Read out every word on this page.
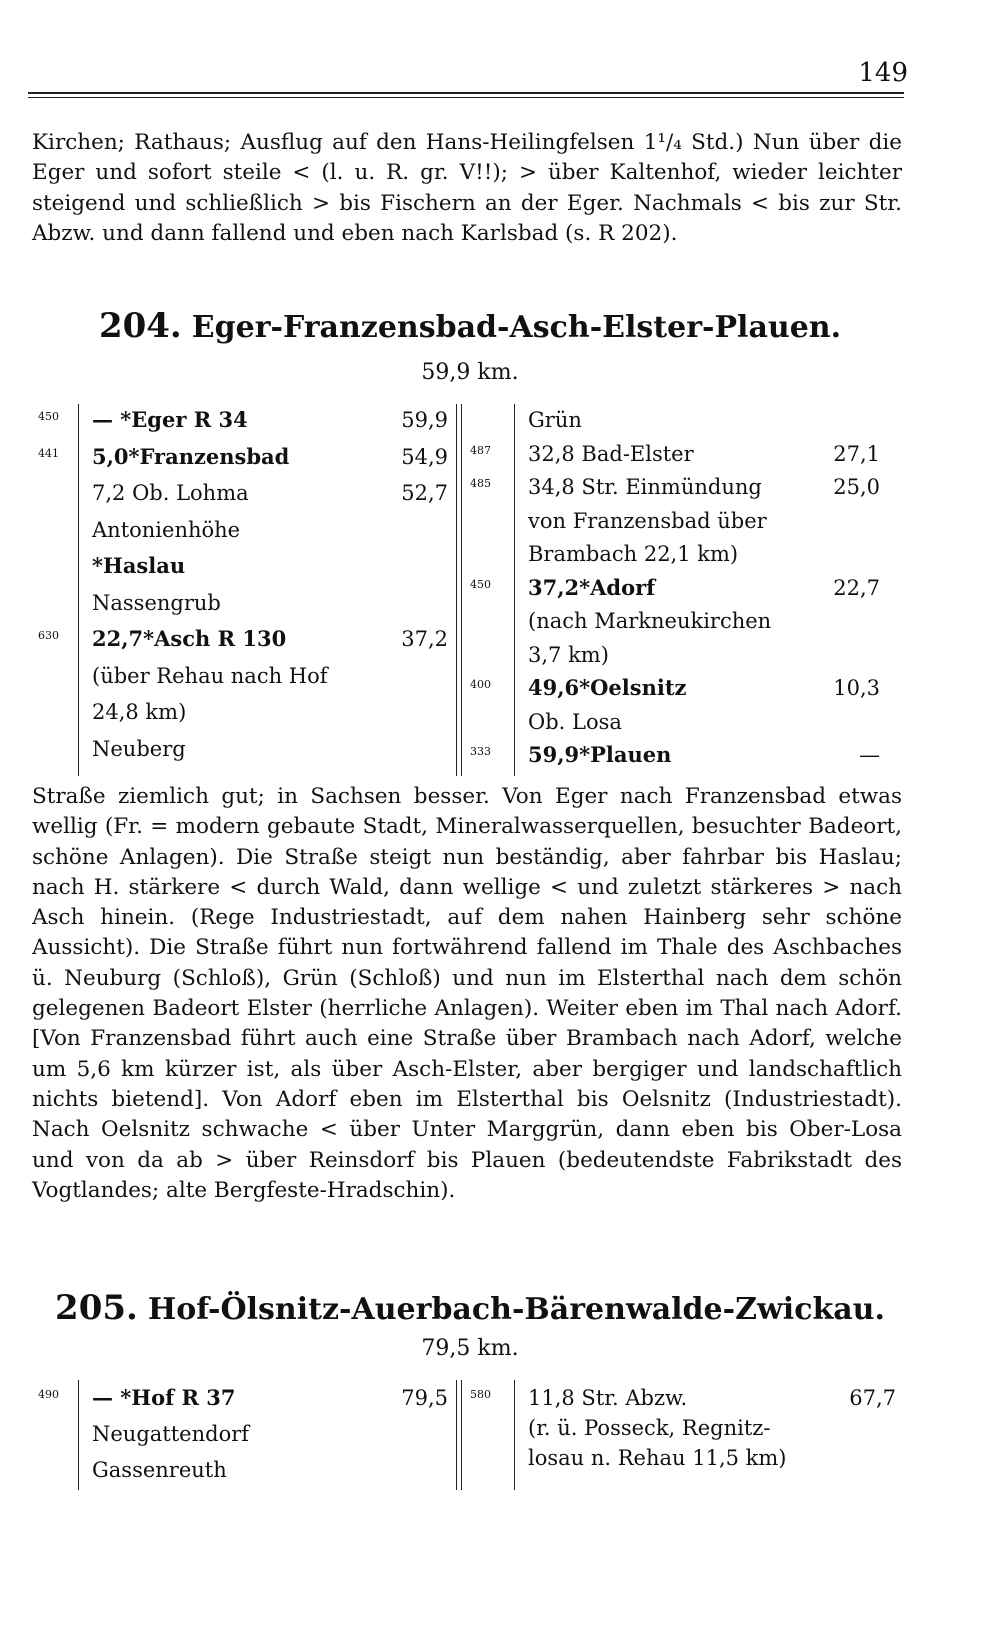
149

Kirchen; Rathaus; Ausflug auf den Hans-Heilingfelsen 1¹/₄ Std.) Nun über die Eger und sofort steile < (l. u. R. gr. V!!); > über Kaltenhof, wieder leichter steigend und schließlich > bis Fischern an der Eger. Nachmals < bis zur Str. Abzw. und dann fallend und eben nach Karlsbad (s. R 202).

204. Eger-Franzensbad-Asch-Elster-Plauen.
59,9 km.

Straße ziemlich gut; in Sachsen besser. Von Eger nach Franzensbad etwas wellig (Fr. = modern gebaute Stadt, Mineralwasserquellen, besuchter Badeort, schöne Anlagen). Die Straße steigt nun beständig, aber fahrbar bis Haslau; nach H. stärkere < durch Wald, dann wellige < und zuletzt stärkeres > nach Asch hinein. (Rege Industriestadt, auf dem nahen Hainberg sehr schöne Aussicht). Die Straße führt nun fortwährend fallend im Thale des Aschbaches ü. Neuburg (Schloß), Grün (Schloß) und nun im Elsterthal nach dem schön gelegenen Badeort Elster (herrliche Anlagen). Weiter eben im Thal nach Adorf. [Von Franzensbad führt auch eine Straße über Brambach nach Adorf, welche um 5,6 km kürzer ist, als über Asch-Elster, aber bergiger und landschaftlich nichts bietend]. Von Adorf eben im Elsterthal bis Oelsnitz (Industriestadt). Nach Oelsnitz schwache < über Unter Marggrün, dann eben bis Ober-Losa und von da ab > über Reinsdorf bis Plauen (bedeutendste Fabrikstadt des Vogtlandes; alte Bergfeste-Hradschin).

205. Hof-Ölsnitz-Auerbach-Bärenwalde-Zwickau.
79,5 km.
450 — *Eger R 34	59,9
441 5,0*Franzensbad	54,9
7,2 Ob. Lohma	52,7
Antonienhöhe
*Haslau
Nassengrub
630 22,7*Asch R 130	37,2
(über Rehau nach Hof
24,8 km)
Neuberg
Grün
487 32,8 Bad-Elster	27,1
485 34,8 Str. Einmündung	25,0
von Franzensbad über
Brambach 22,1 km)
450 37,2*Adorf	22,7
(nach Markneukirchen
3,7 km)
400 49,6*Oelsnitz	10,3
Ob. Losa
333 59,9*Plauen	—
490 — *Hof R 37	79,5
Neugattendorf
Gassenreuth
580 11,8 Str. Abzw.	67,7
(r. ü. Posseck, Regnitz-
losau n. Rehau 11,5 km)
